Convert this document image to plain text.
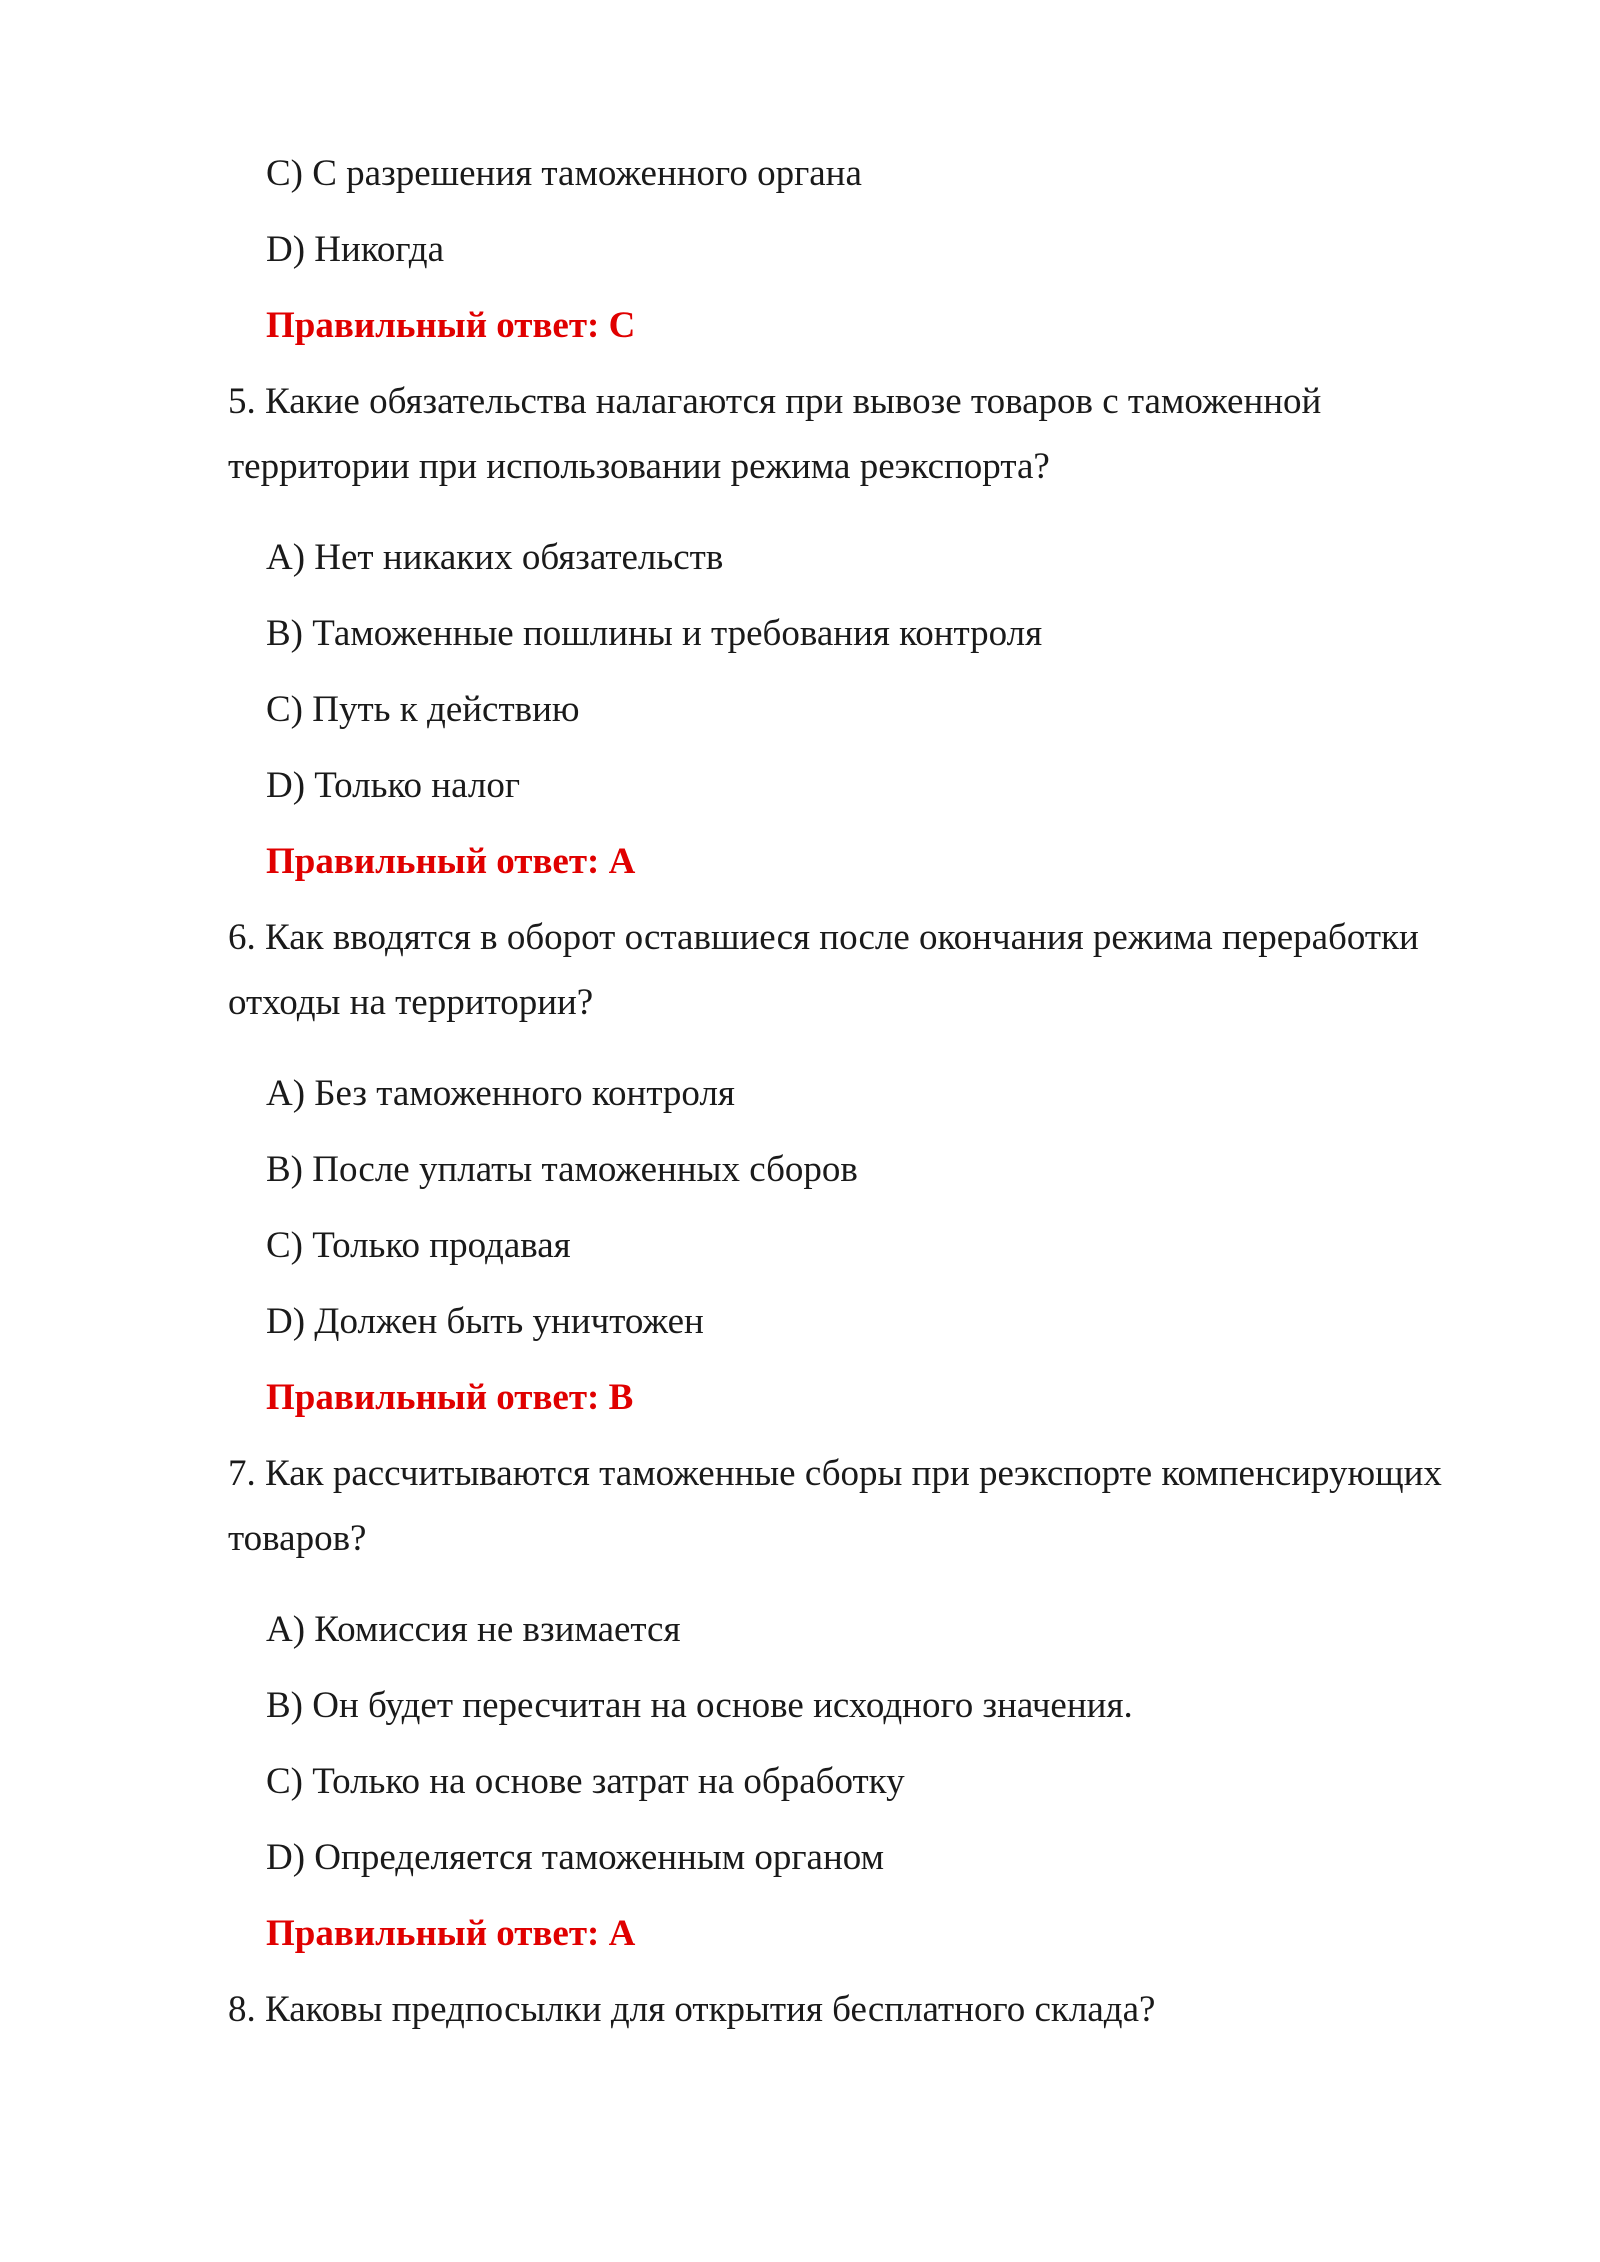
C) С разрешения таможенного органа
D) Никогда
Правильный ответ: C
5. Какие обязательства налагаются при вывозе товаров с таможенной
территории при использовании режима реэкспорта?
A) Нет никаких обязательств
B) Таможенные пошлины и требования контроля
C) Путь к действию
D) Только налог
Правильный ответ: A
6. Как вводятся в оборот оставшиеся после окончания режима переработки
отходы на территории?
A) Без таможенного контроля
B) После уплаты таможенных сборов
C) Только продавая
D) Должен быть уничтожен
Правильный ответ: B
7. Как рассчитываются таможенные сборы при реэкспорте компенсирующих
товаров?
A) Комиссия не взимается
B) Он будет пересчитан на основе исходного значения.
C) Только на основе затрат на обработку
D) Определяется таможенным органом
Правильный ответ: A
8. Каковы предпосылки для открытия бесплатного склада?
